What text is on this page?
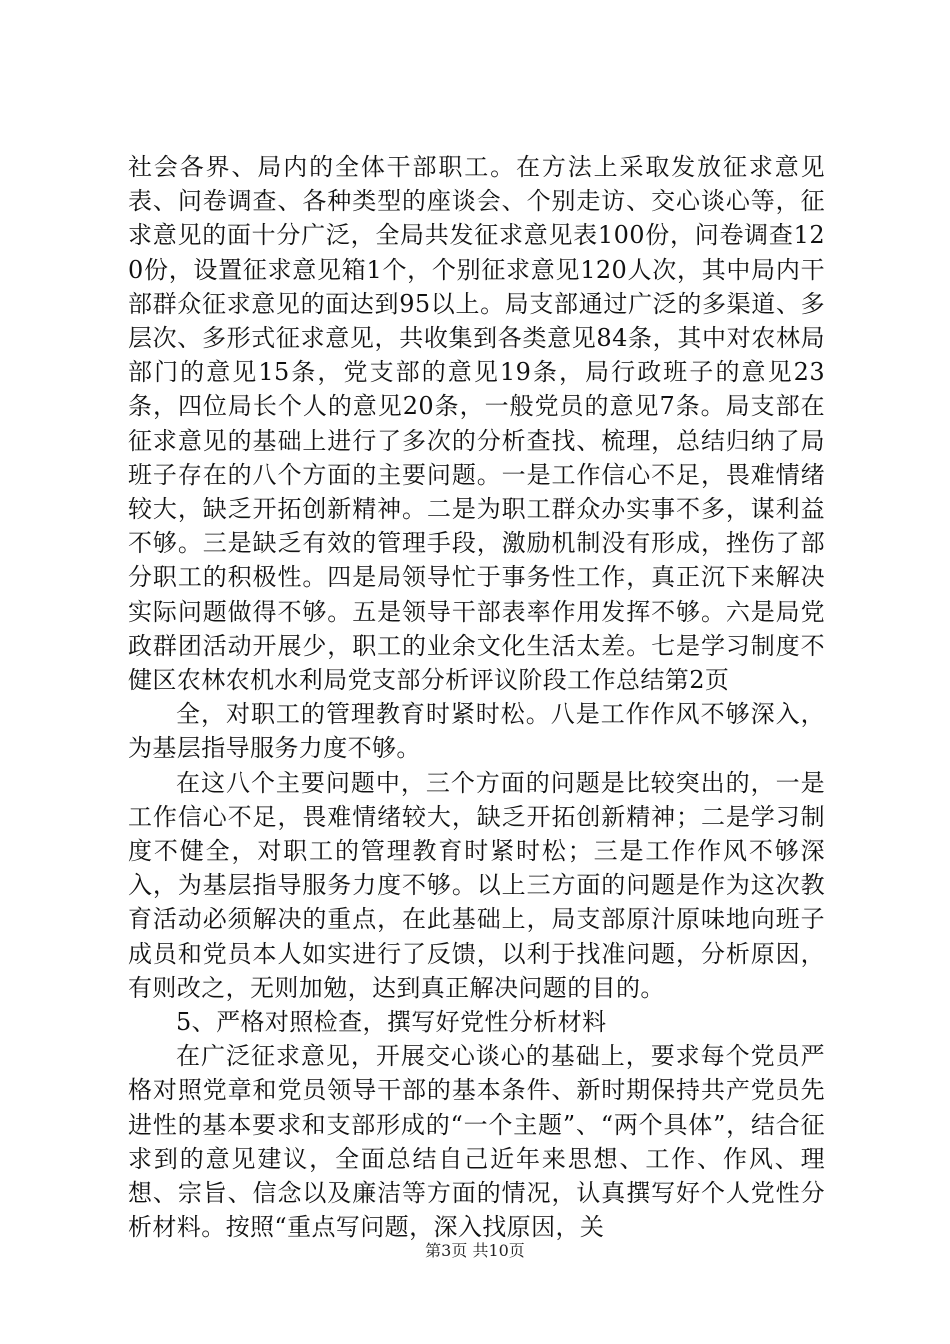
社会各界、局内的全体干部职工。在方法上采取发放征求意见表、问卷调查、各种类型的座谈会、个别走访、交心谈心等，征求意见的面十分广泛，全局共发征求意见表100份，问卷调查120份，设置征求意见箱1个，个别征求意见120人次，其中局内干部群众征求意见的面达到95以上。局支部通过广泛的多渠道、多层次、多形式征求意见，共收集到各类意见84条，其中对农林局部门的意见15条，党支部的意见19条，局行政班子的意见23条，四位局长个人的意见20条，一般党员的意见7条。局支部在征求意见的基础上进行了多次的分析查找、梳理，总结归纳了局班子存在的八个方面的主要问题。一是工作信心不足，畏难情绪较大，缺乏开拓创新精神。二是为职工群众办实事不多，谋利益不够。三是缺乏有效的管理手段，激励机制没有形成，挫伤了部分职工的积极性。四是局领导忙于事务性工作，真正沉下来解决实际问题做得不够。五是领导干部表率作用发挥不够。六是局党政群团活动开展少，职工的业余文化生活太差。七是学习制度不健区农林农机水利局党支部分析评议阶段工作总结第2页

全，对职工的管理教育时紧时松。八是工作作风不够深入，为基层指导服务力度不够。

在这八个主要问题中，三个方面的问题是比较突出的，一是工作信心不足，畏难情绪较大，缺乏开拓创新精神；二是学习制度不健全，对职工的管理教育时紧时松；三是工作作风不够深入，为基层指导服务力度不够。以上三方面的问题是作为这次教育活动必须解决的重点，在此基础上，局支部原汁原味地向班子成员和党员本人如实进行了反馈，以利于找准问题，分析原因，有则改之，无则加勉，达到真正解决问题的目的。

5、严格对照检查，撰写好党性分析材料

在广泛征求意见，开展交心谈心的基础上，要求每个党员严格对照党章和党员领导干部的基本条件、新时期保持共产党员先进性的基本要求和支部形成的“一个主题”、“两个具体”，结合征求到的意见建议，全面总结自己近年来思想、工作、作风、理想、宗旨、信念以及廉洁等方面的情况，认真撰写好个人党性分析材料。按照“重点写问题，深入找原因，关

第3页 共10页
